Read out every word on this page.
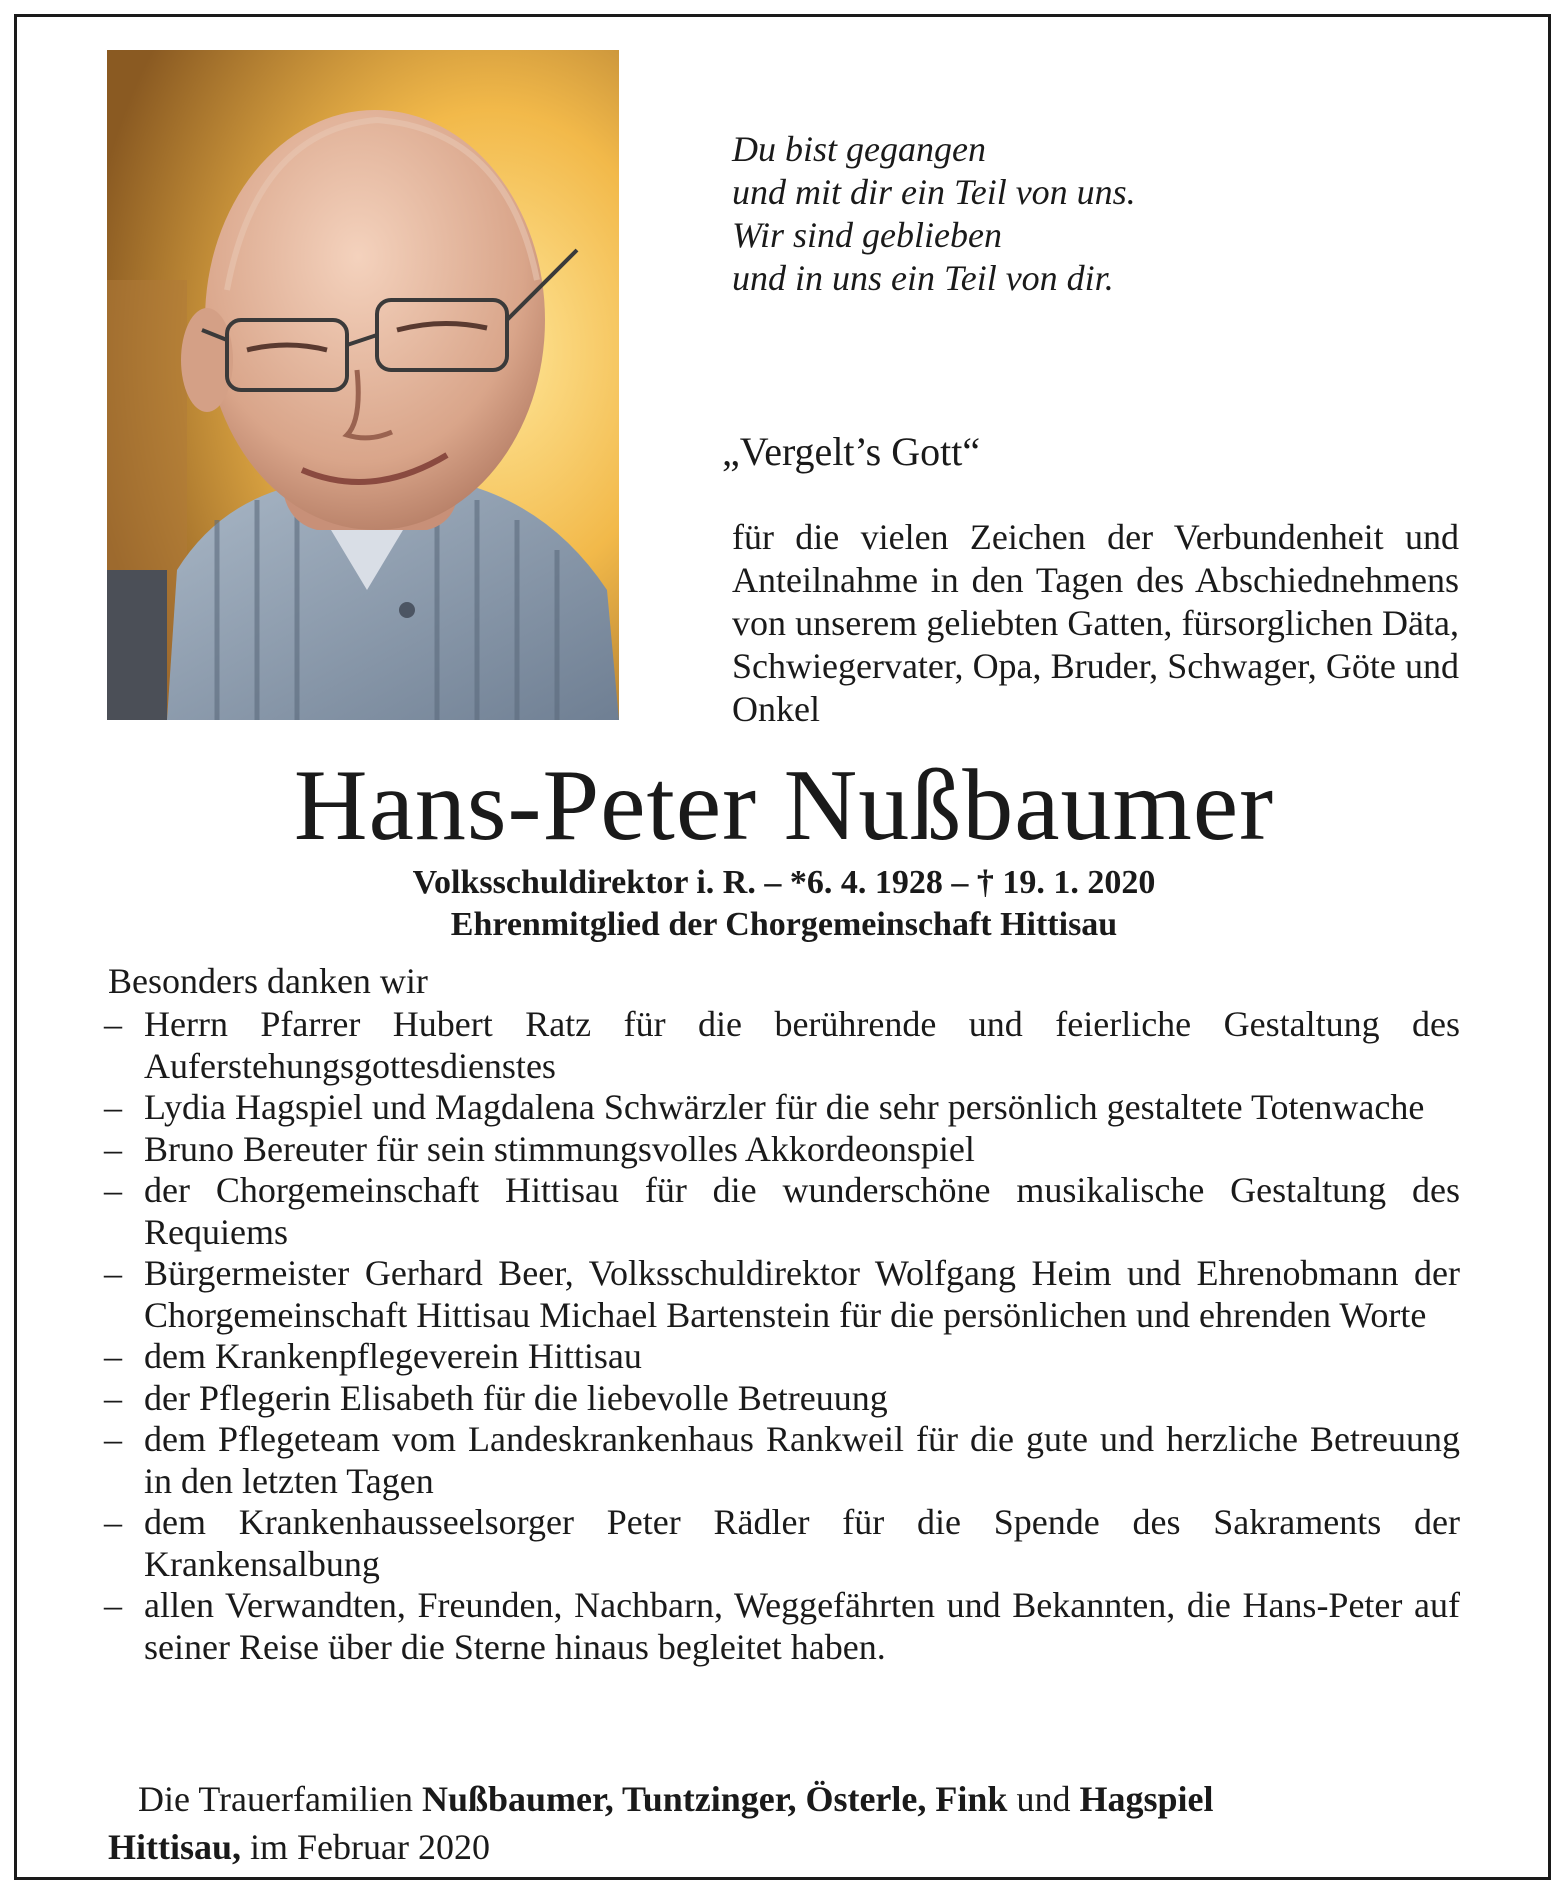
Du bist gegangen
und mit dir ein Teil von uns.
Wir sind geblieben
und in uns ein Teil von dir.
„Vergelt’s Gott“
für die vielen Zeichen der Verbundenheit und Anteilnahme in den Tagen des Abschiednehmens von unserem geliebten Gatten, fürsorglichen Däta, Schwiegervater, Opa, Bruder, Schwager, Göte und Onkel
Hans-Peter Nußbaumer
Volksschuldirektor i. R. – *6. 4. 1928 – † 19. 1. 2020
Ehrenmitglied der Chorgemeinschaft Hittisau
Besonders danken wir
– Herrn Pfarrer Hubert Ratz für die berührende und feierliche Gestaltung des Auferstehungsgottesdienstes
– Lydia Hagspiel und Magdalena Schwärzler für die sehr persönlich gestaltete Totenwache
– Bruno Bereuter für sein stimmungsvolles Akkordeonspiel
– der Chorgemeinschaft Hittisau für die wunderschöne musikalische Gestaltung des Requiems
– Bürgermeister Gerhard Beer, Volksschuldirektor Wolfgang Heim und Ehrenobmann der Chorgemeinschaft Hittisau Michael Bartenstein für die persönlichen und ehrenden Worte
– dem Krankenpflegeverein Hittisau
– der Pflegerin Elisabeth für die liebevolle Betreuung
– dem Pflegeteam vom Landeskrankenhaus Rankweil für die gute und herzliche Betreuung in den letzten Tagen
– dem Krankenhausseelsorger Peter Rädler für die Spende des Sakraments der Krankensalbung
– allen Verwandten, Freunden, Nachbarn, Weggefährten und Bekannten, die Hans-Peter auf seiner Reise über die Sterne hinaus begleitet haben.
Die Trauerfamilien Nußbaumer, Tuntzinger, Österle, Fink und Hagspiel
Hittisau, im Februar 2020
